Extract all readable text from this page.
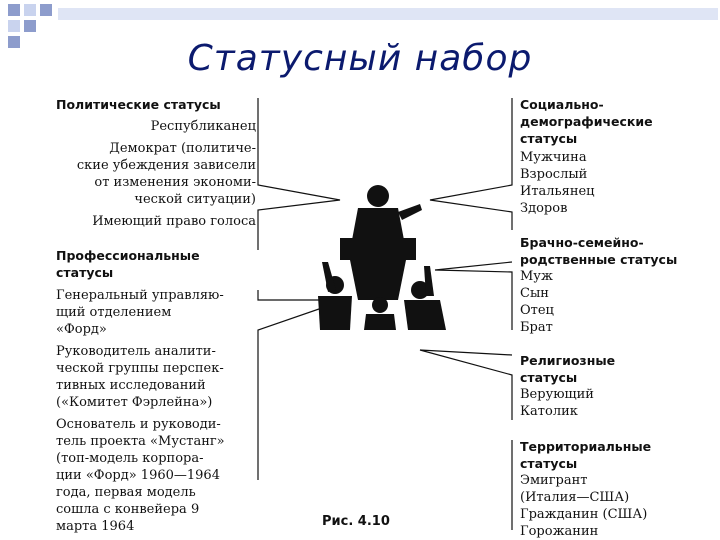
Статусный набор
Политические статусы
Республиканец
Демократ (политиче-
ские убеждения зависели
от изменения экономи-
ческой ситуации)
Имеющий право голоса
Профессиональные
статусы
Генеральный управляю-
щий отделением
«Форд»
Руководитель аналити-
ческой группы перспек-
тивных исследований
(«Комитет Фэрлейна»)
Основатель и руководи-
тель проекта «Мустанг»
(топ-модель корпора-
ции «Форд» 1960—1964
года, первая модель
сошла с конвейера 9
марта 1964
Социально-
демографические
статусы
Мужчина
Взрослый
Итальянец
Здоров
Брачно-семейно-
родственные статусы
Муж
Сын
Отец
Брат
Религиозные
статусы
Верующий
Католик
Территориальные
статусы
Эмигрант
(Италия—США)
Гражданин (США)
Горожанин
Рис. 4.10
